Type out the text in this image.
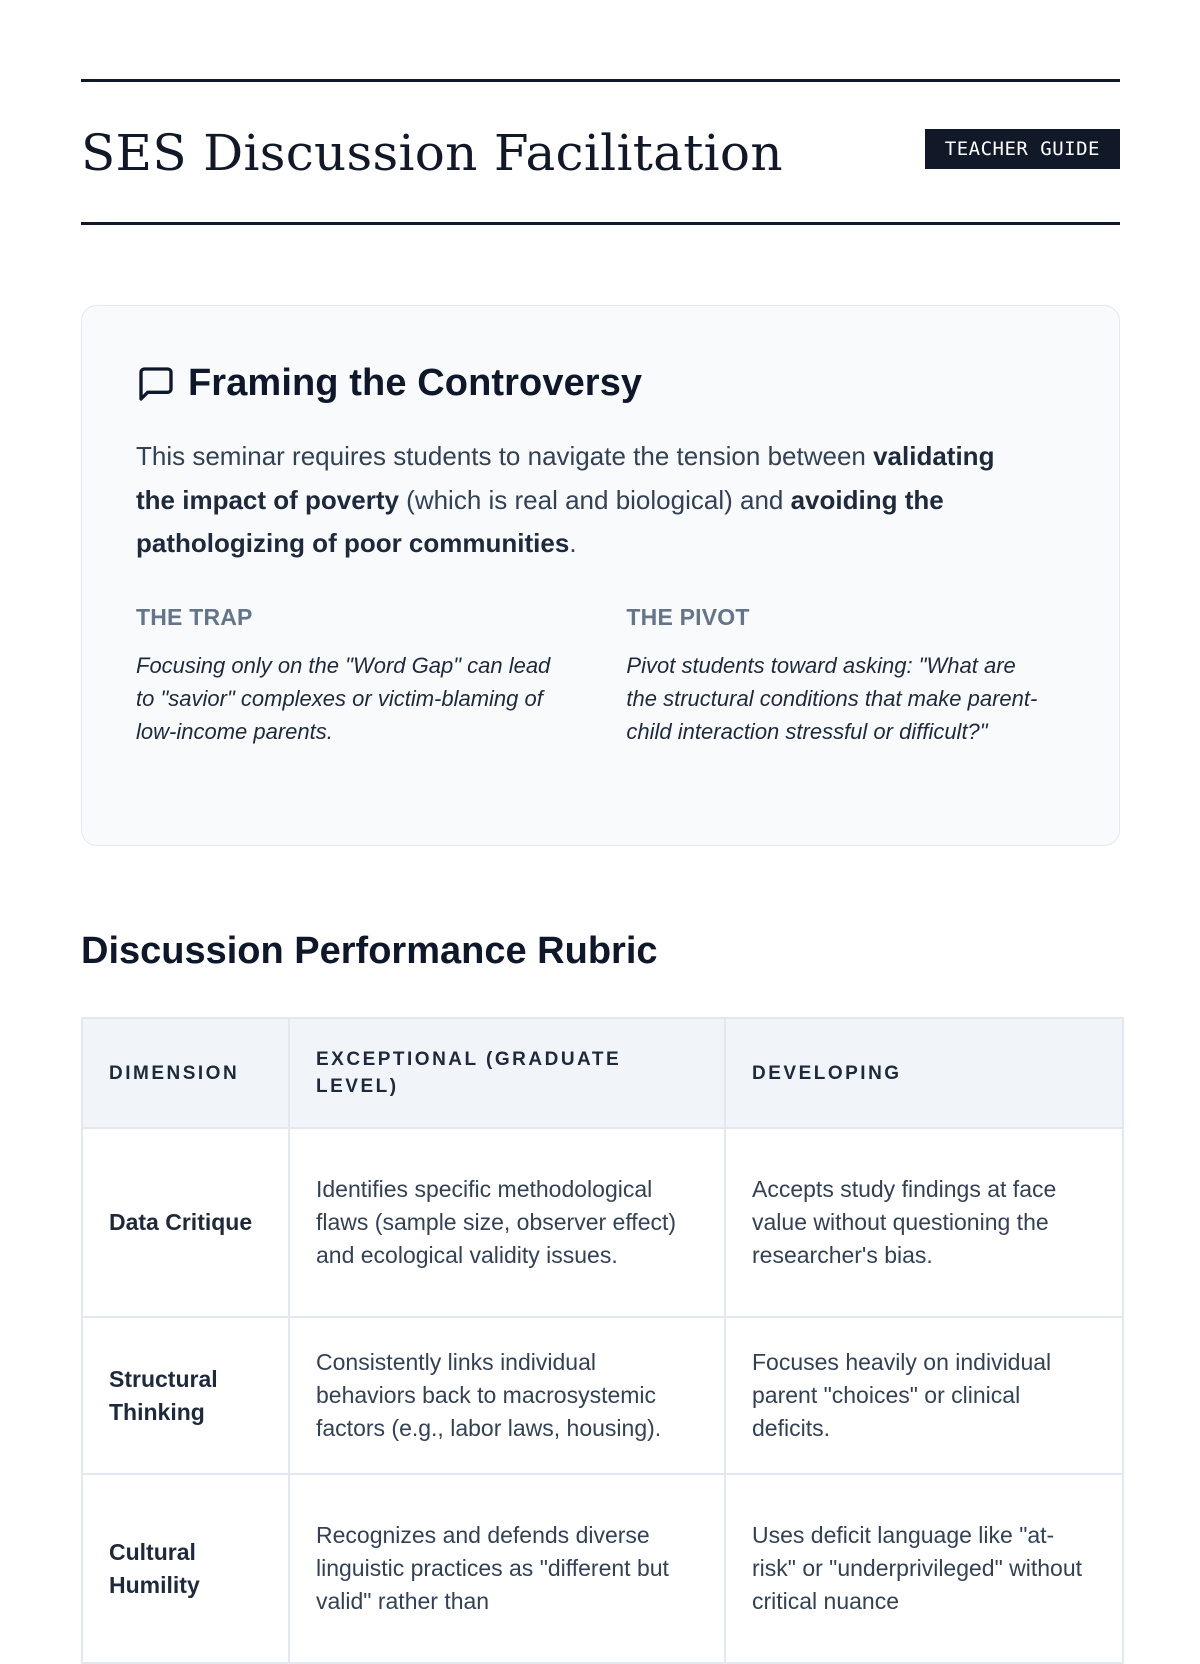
SES Discussion Facilitation	TEACHER GUIDE
Framing the Controversy

This seminar requires students to navigate the tension between validating the impact of poverty (which is real and biological) and avoiding the pathologizing of poor communities.

THE TRAP

Focusing only on the "Word Gap" can lead to "savior" complexes or victim-blaming of low-income parents.

THE PIVOT

Pivot students toward asking: "What are the structural conditions that make parent-child interaction stressful or difficult?"

Discussion Performance Rubric
DIMENSION	EXCEPTIONAL (GRADUATE LEVEL)	DEVELOPING
Data Critique	Identifies specific methodological flaws (sample size, observer effect) and ecological validity issues.	Accepts study findings at face value without questioning the researcher's bias.
Structural Thinking	Consistently links individual behaviors back to macrosystemic factors (e.g., labor laws, housing).	Focuses heavily on individual parent "choices" or clinical deficits.
Cultural Humility	Recognizes and defends diverse linguistic practices as "different but valid" rather than	Uses deficit language like "at-risk" or "underprivileged" without critical nuance
